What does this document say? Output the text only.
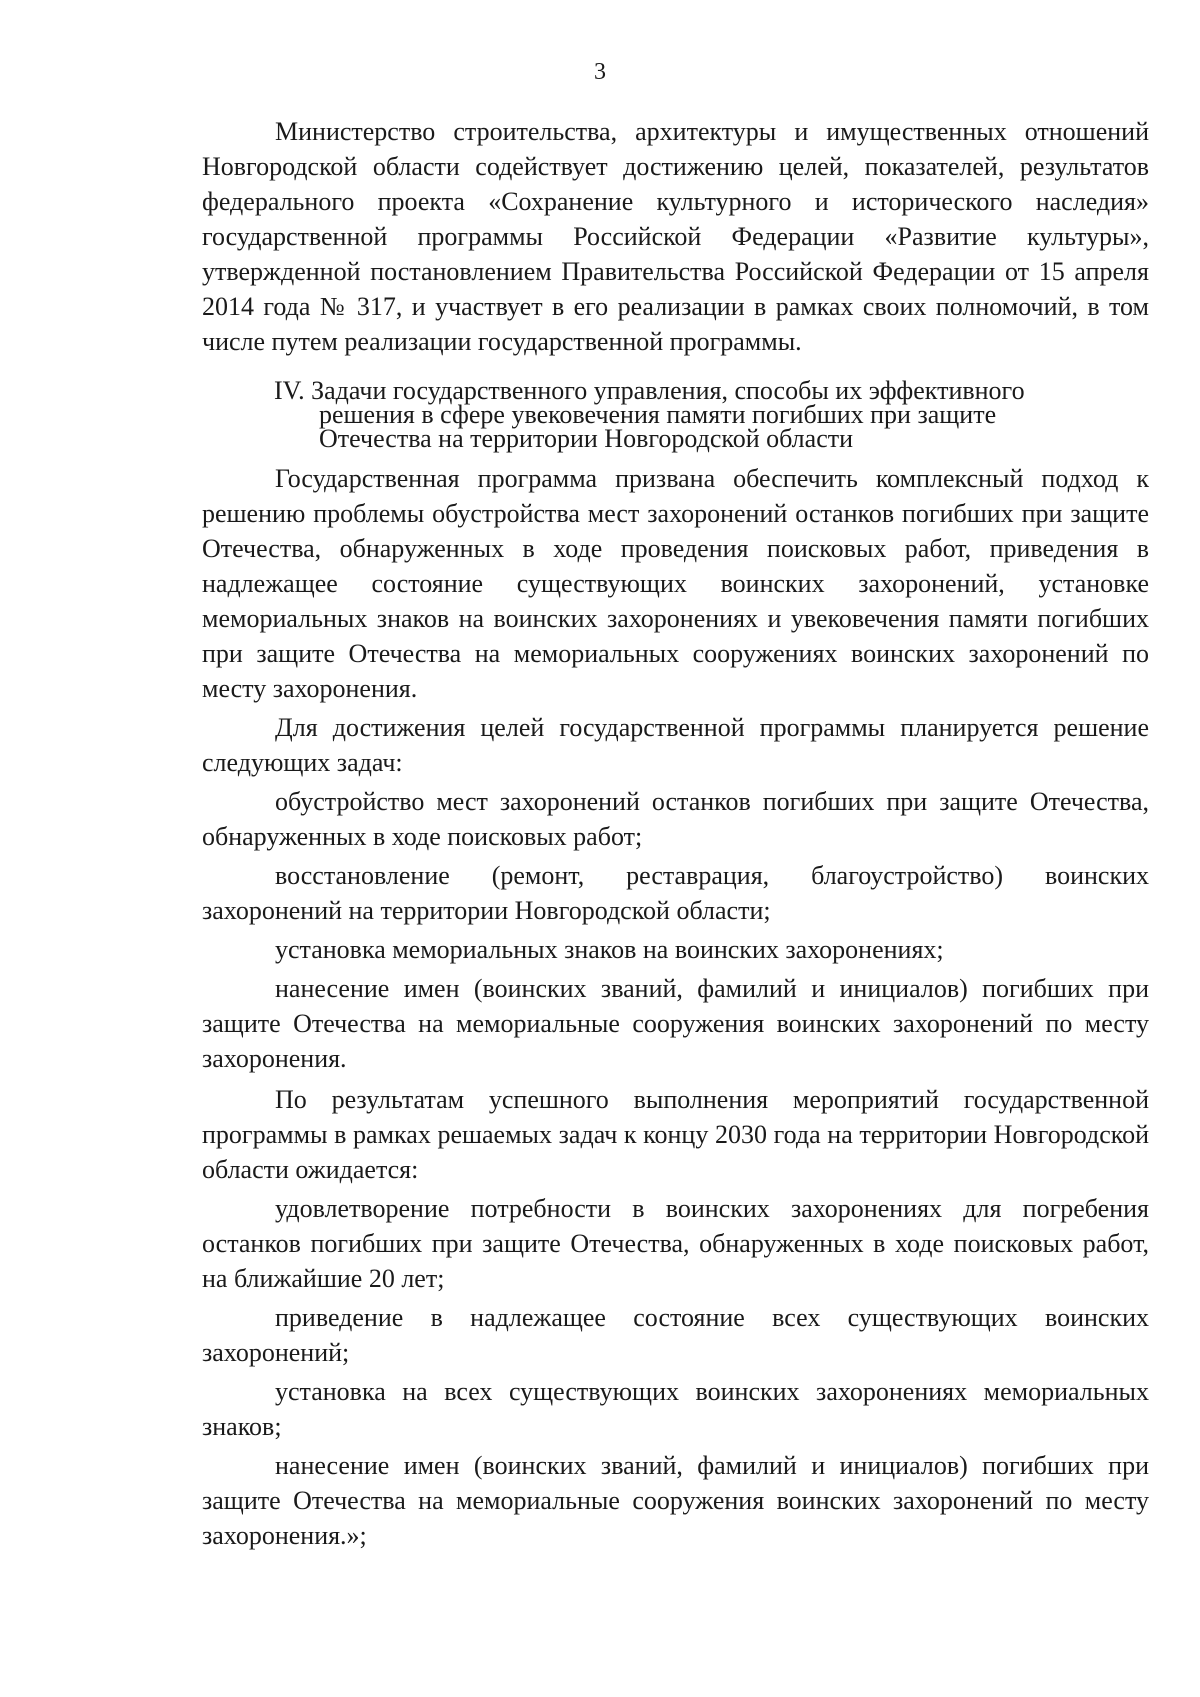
3

Министерство строительства, архитектуры и имущественных отношений Новгородской области содействует достижению целей, показателей, результатов федерального проекта «Сохранение культурного и исторического наследия» государственной программы Российской Федерации «Развитие культуры», утвержденной постановлением Правительства Российской Федерации от 15 апреля 2014 года № 317, и участвует в его реализации в рамках своих полномочий, в том числе путем реализации государственной программы.

IV. Задачи государственного управления, способы их эффективного
решения в сфере увековечения памяти погибших при защите
Отечества на территории Новгородской области

Государственная программа призвана обеспечить комплексный подход к решению проблемы обустройства мест захоронений останков погибших при защите Отечества, обнаруженных в ходе проведения поисковых работ, приведения в надлежащее состояние существующих воинских захоронений, установке мемориальных знаков на воинских захоронениях и увековечения памяти погибших при защите Отечества на мемориальных сооружениях воинских захоронений по месту захоронения.

Для достижения целей государственной программы планируется решение следующих задач:

обустройство мест захоронений останков погибших при защите Отечества, обнаруженных в ходе поисковых работ;

восстановление (ремонт, реставрация, благоустройство) воинских захоронений на территории Новгородской области;

установка мемориальных знаков на воинских захоронениях;

нанесение имен (воинских званий, фамилий и инициалов) погибших при защите Отечества на мемориальные сооружения воинских захоронений по месту захоронения.

По результатам успешного выполнения мероприятий государственной программы в рамках решаемых задач к концу 2030 года на территории Новгородской области ожидается:

удовлетворение потребности в воинских захоронениях для погребения останков погибших при защите Отечества, обнаруженных в ходе поисковых работ, на ближайшие 20 лет;

приведение в надлежащее состояние всех существующих воинских захоронений;

установка на всех существующих воинских захоронениях мемориальных знаков;

нанесение имен (воинских званий, фамилий и инициалов) погибших при защите Отечества на мемориальные сооружения воинских захоронений по месту захоронения.»;
